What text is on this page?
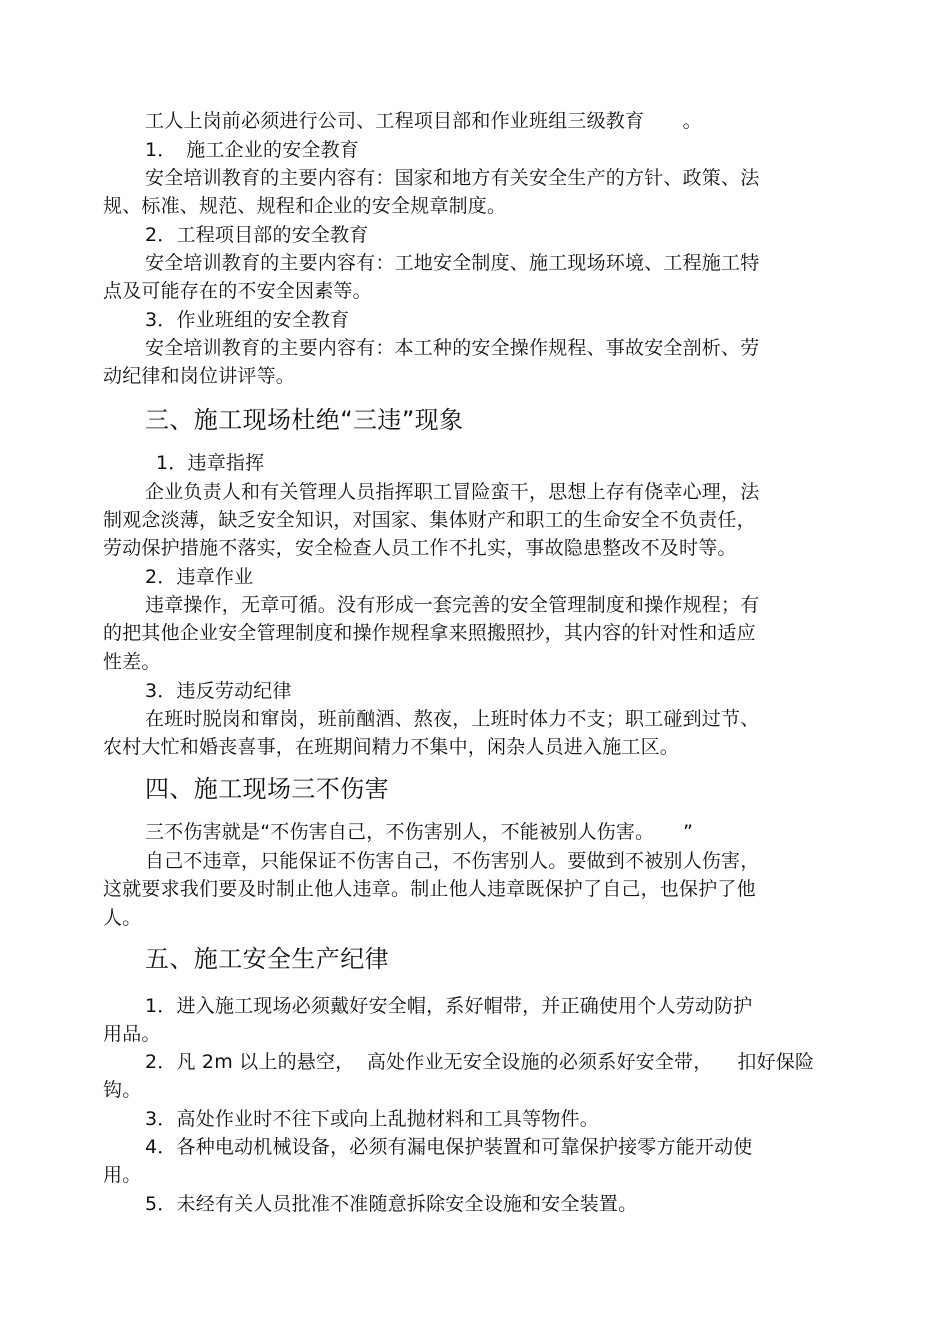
工人上岗前必须进行公司、工程项目部和作业班组三级教育　　。
1．　施工企业的安全教育
安全培训教育的主要内容有：国家和地方有关安全生产的方针、政策、法
规、标准、规范、规程和企业的安全规章制度。
2．工程项目部的安全教育
安全培训教育的主要内容有：工地安全制度、施工现场环境、工程施工特
点及可能存在的不安全因素等。
3．作业班组的安全教育
安全培训教育的主要内容有：本工种的安全操作规程、事故安全剖析、劳
动纪律和岗位讲评等。
三、施工现场杜绝“三违”现象
1．违章指挥
企业负责人和有关管理人员指挥职工冒险蛮干，思想上存有侥幸心理，法
制观念淡薄，缺乏安全知识，对国家、集体财产和职工的生命安全不负责任，
劳动保护措施不落实，安全检查人员工作不扎实，事故隐患整改不及时等。
2．违章作业
违章操作，无章可循。没有形成一套完善的安全管理制度和操作规程；有
的把其他企业安全管理制度和操作规程拿来照搬照抄，其内容的针对性和适应
性差。
3．违反劳动纪律
在班时脱岗和窜岗，班前酗酒、熬夜，上班时体力不支；职工碰到过节、
农村大忙和婚丧喜事，在班期间精力不集中，闲杂人员进入施工区。
四、施工现场三不伤害
三不伤害就是“不伤害自己，不伤害别人，不能被别人伤害。　　”
自己不违章，只能保证不伤害自己，不伤害别人。要做到不被别人伤害，
这就要求我们要及时制止他人违章。制止他人违章既保护了自己，也保护了他
人。
五、施工安全生产纪律
1．进入施工现场必须戴好安全帽，系好帽带，并正确使用个人劳动防护
用品。
2．凡 2m 以上的悬空，  高处作业无安全设施的必须系好安全带，    扣好保险
钩。
3．高处作业时不往下或向上乱抛材料和工具等物件。
4．各种电动机械设备，必须有漏电保护装置和可靠保护接零方能开动使
用。
5．未经有关人员批准不准随意拆除安全设施和安全装置。
